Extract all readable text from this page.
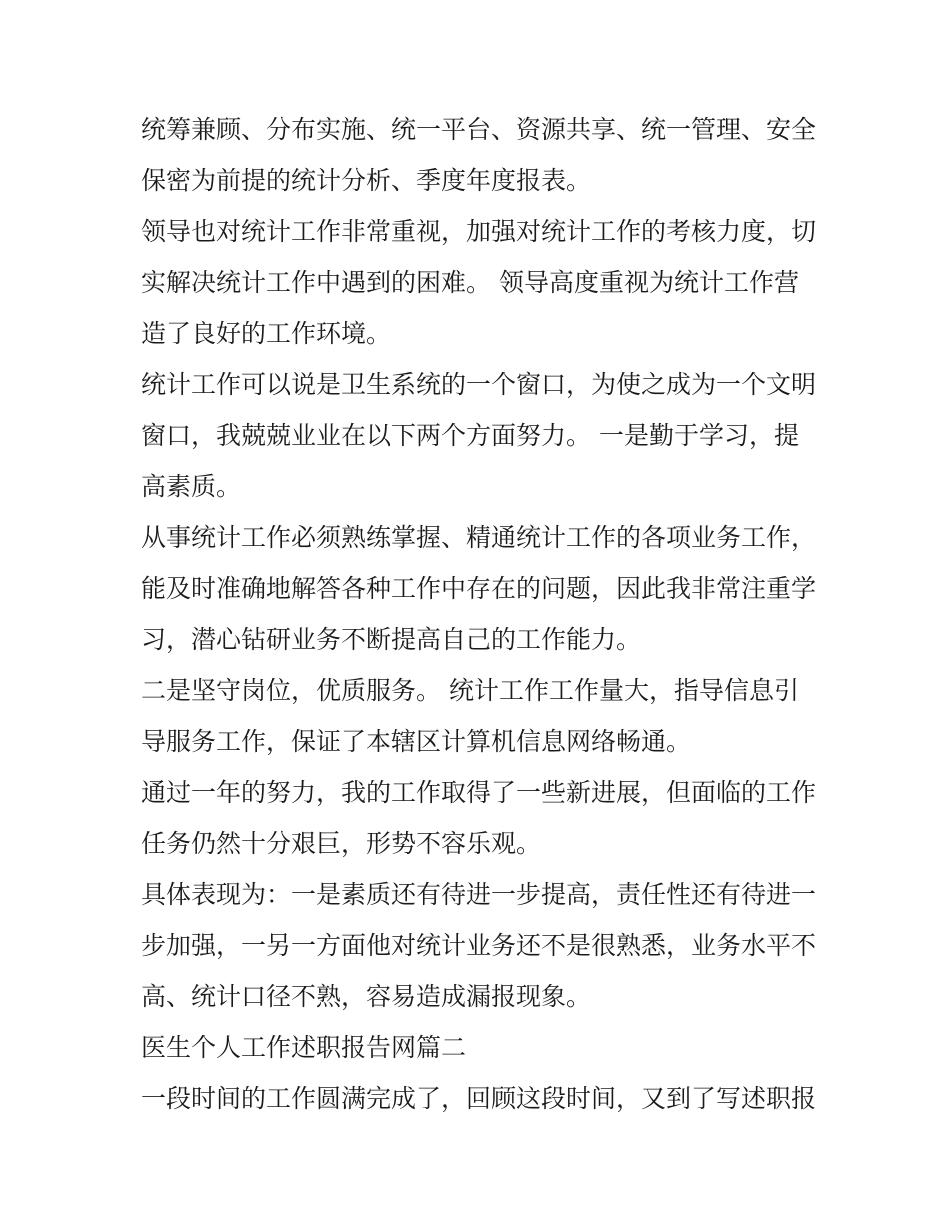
统筹兼顾、分布实施、统一平台、资源共享、统一管理、安全
保密为前提的统计分析、季度年度报表。
领导也对统计工作非常重视，加强对统计工作的考核力度，切
实解决统计工作中遇到的困难。 领导高度重视为统计工作营
造了良好的工作环境。
统计工作可以说是卫生系统的一个窗口，为使之成为一个文明
窗口，我兢兢业业在以下两个方面努力。 一是勤于学习，提
高素质。
从事统计工作必须熟练掌握、精通统计工作的各项业务工作，
能及时准确地解答各种工作中存在的问题，因此我非常注重学
习，潜心钻研业务不断提高自己的工作能力。
二是坚守岗位，优质服务。 统计工作工作量大，指导信息引
导服务工作，保证了本辖区计算机信息网络畅通。
通过一年的努力，我的工作取得了一些新进展，但面临的工作
任务仍然十分艰巨，形势不容乐观。
具体表现为：一是素质还有待进一步提高，责任性还有待进一
步加强，一另一方面他对统计业务还不是很熟悉，业务水平不
高、统计口径不熟，容易造成漏报现象。
医生个人工作述职报告网篇二
一段时间的工作圆满完成了，回顾这段时间，又到了写述职报
